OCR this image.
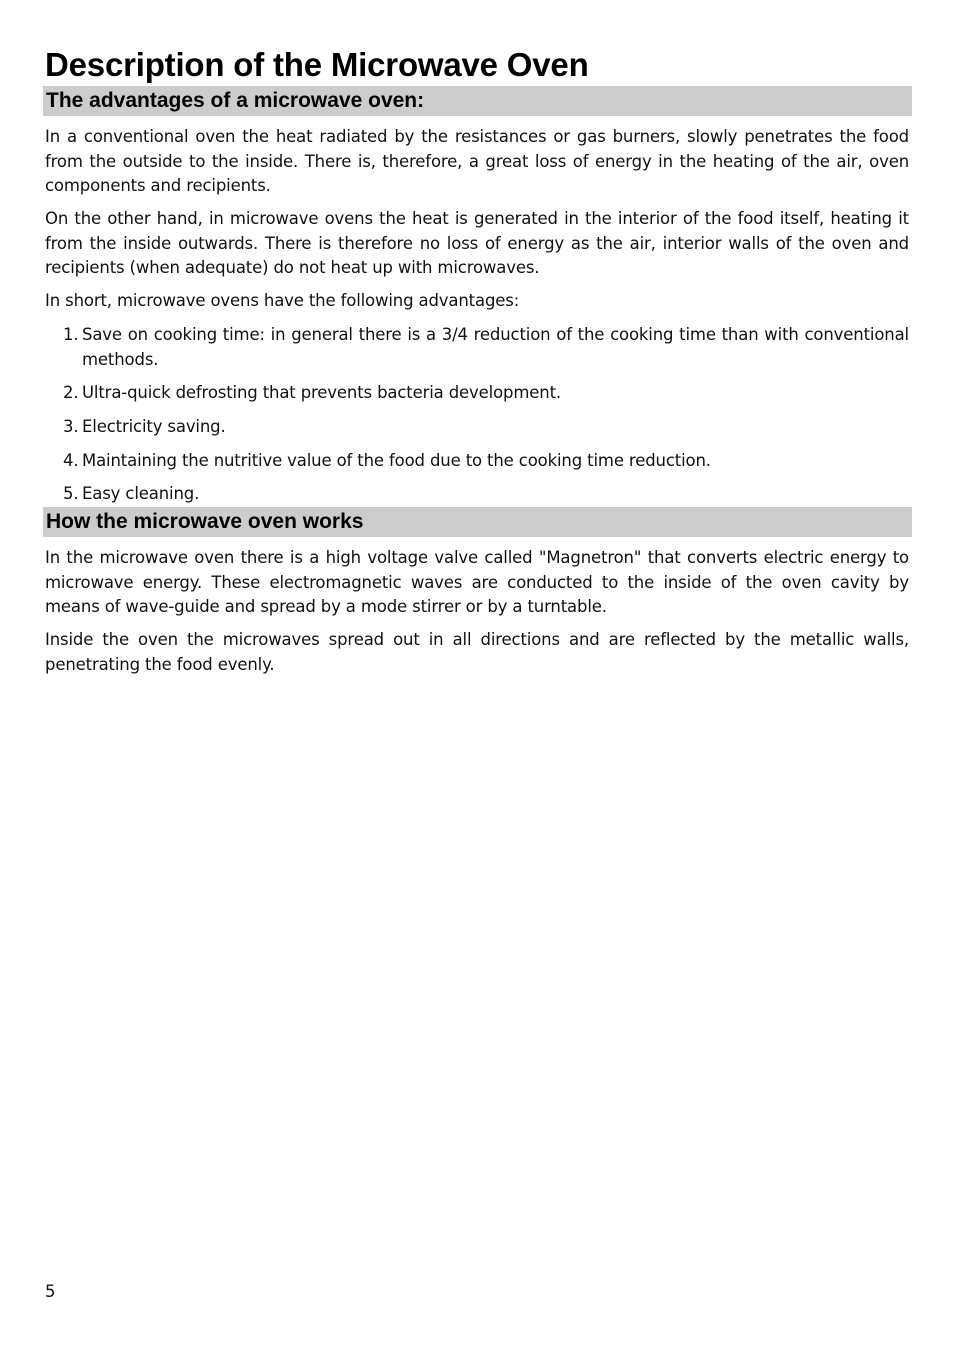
Description of the Microwave Oven
The advantages of a microwave oven:

In a conventional oven the heat radiated by the resistances or gas burners, slowly penetrates the food from the outside to the inside. There is, therefore, a great loss of energy in the heating of the air, oven components and recipients.

On the other hand, in microwave ovens the heat is generated in the interior of the food itself, heating it from the inside outwards. There is therefore no loss of energy as the air, interior walls of the oven and recipients (when adequate) do not heat up with microwaves.

In short, microwave ovens have the following advantages:

1. Save on cooking time: in general there is a 3/4 reduction of the cooking time than with conventional methods.
2. Ultra-quick defrosting that prevents bacteria development.
3. Electricity saving.
4. Maintaining the nutritive value of the food due to the cooking time reduction.
5. Easy cleaning.
How the microwave oven works

In the microwave oven there is a high voltage valve called "Magnetron" that converts electric energy to microwave energy. These electromagnetic waves are conducted to the inside of the oven cavity by means of wave-guide and spread by a mode stirrer or by a turntable.

Inside the oven the microwaves spread out in all directions and are reflected by the metallic walls, penetrating the food evenly.

5
